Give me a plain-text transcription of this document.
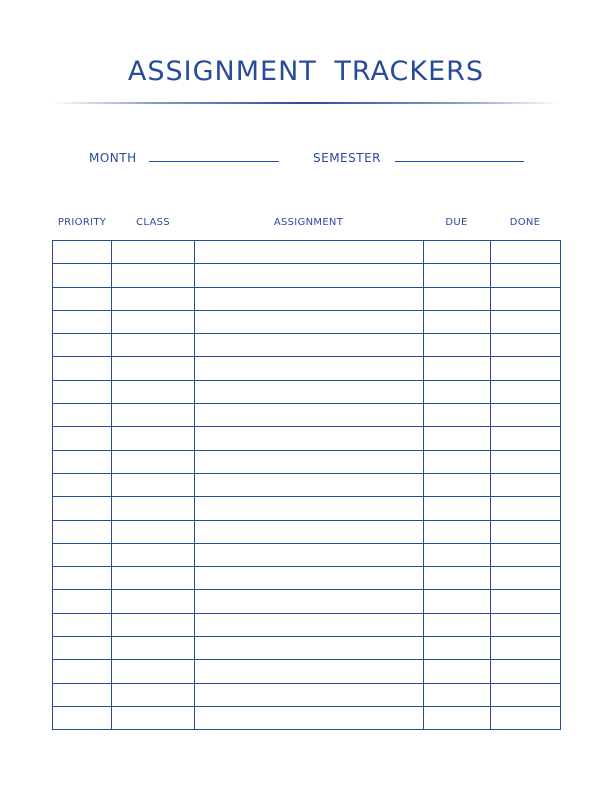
ASSIGNMENT TRACKERS
MONTH	SEMESTER
PRIORITY	CLASS	ASSIGNMENT	DUE	DONE
